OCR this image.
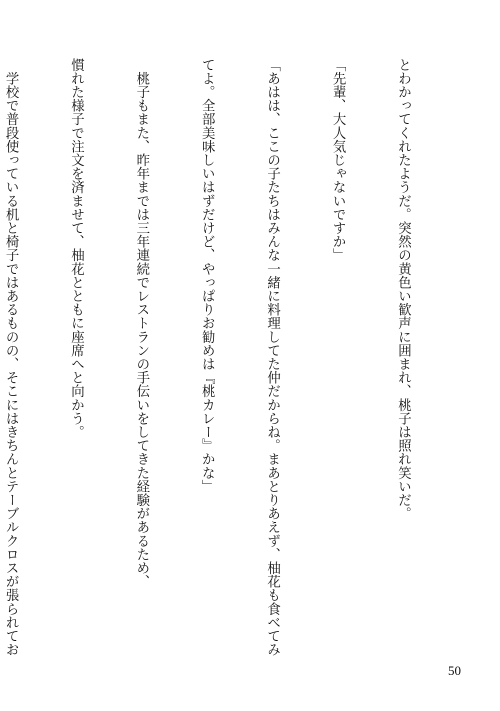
とわかってくれたようだ。突然の黄色い歓声に囲まれ、桃子は照れ笑いだ。

「先輩、大人気じゃないですか」

「あはは、ここの子たちはみんな一緒に料理してた仲だからね。まあとりあえず、柚花も食べてみ

てよ。全部美味しいはずだけど、やっぱりお勧めは『桃カレー』かな」

　桃子もまた、昨年までは三年連続でレストランの手伝いをしてきた経験があるため、

慣れた様子で注文を済ませて、柚花とともに座席へと向かう。

　学校で普段使っている机と椅子ではあるものの、そこにはきちんとテーブルクロスが張られてお

50
